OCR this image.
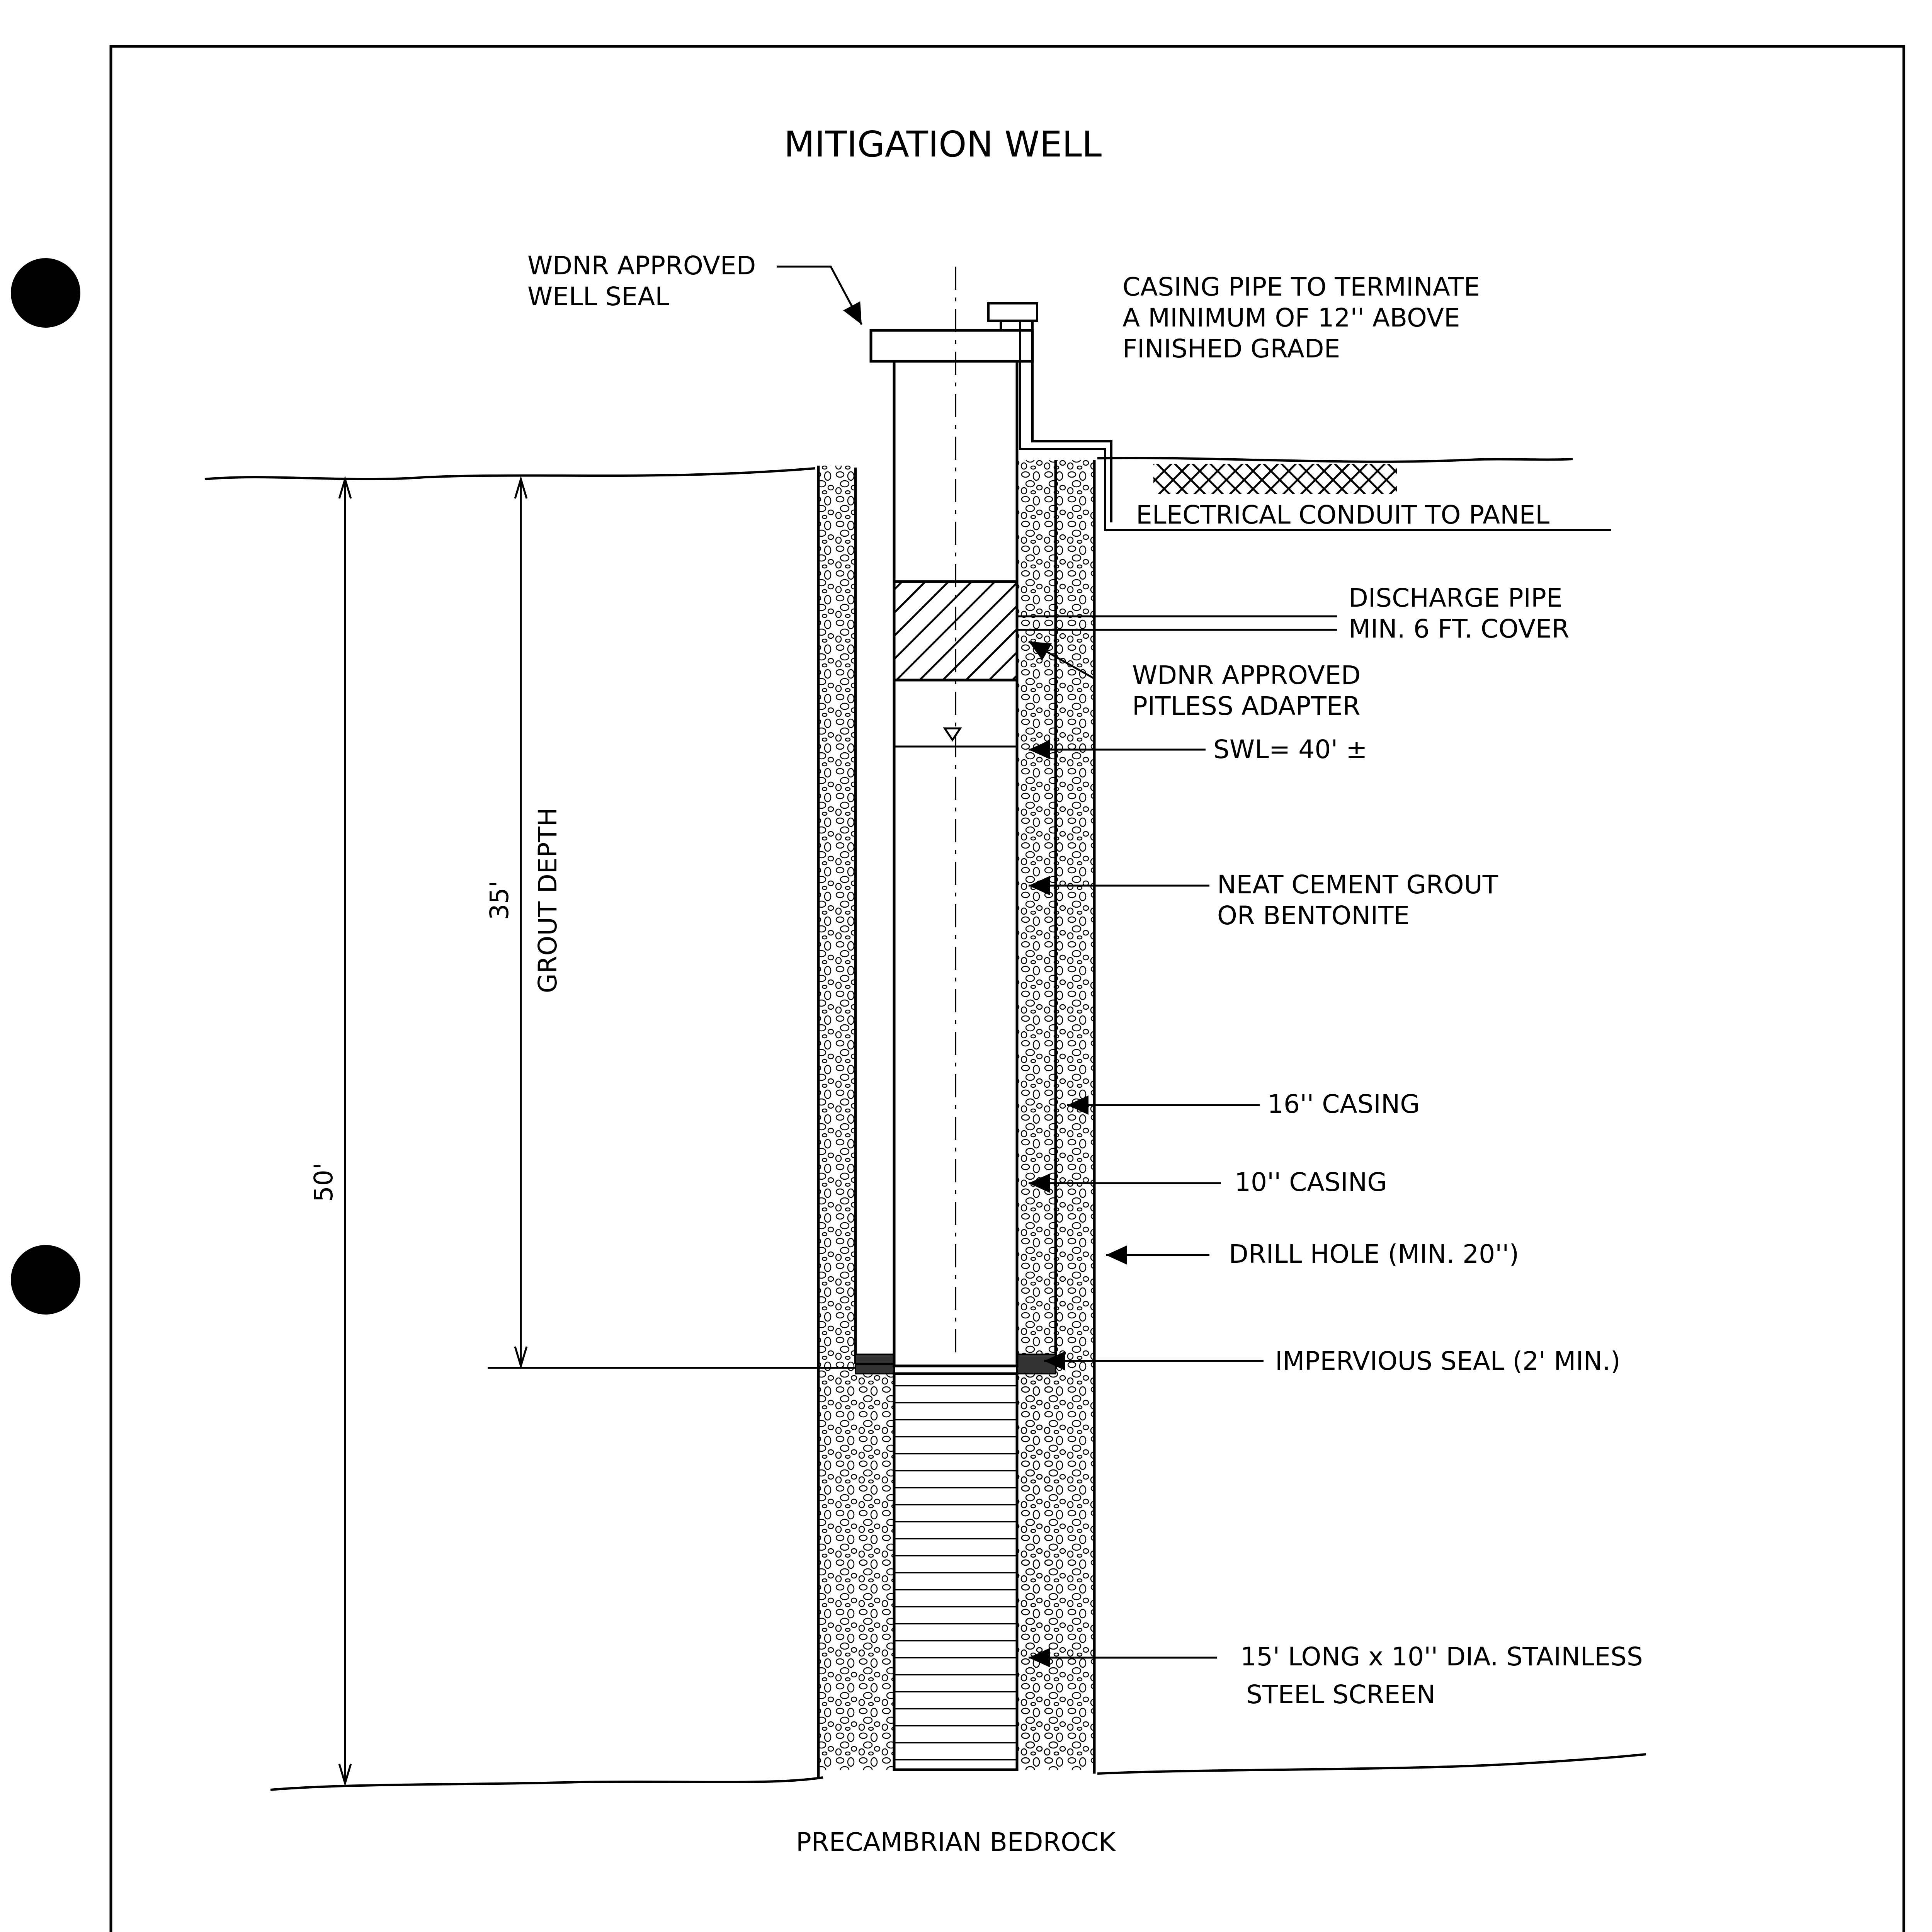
MITIGATION WELL
WDNR APPROVED
WELL SEAL	CASING PIPE TO TERMINATE
A MINIMUM OF 12'' ABOVE
FINISHED GRADE
ELECTRICAL CONDUIT TO PANEL
DISCHARGE PIPE
MIN. 6 FT. COVER
WDNR APPROVED
PITLESS ADAPTER
SWL= 40' ±
NEAT CEMENT GROUT
OR BENTONITE
16'' CASING
10'' CASING
DRILL HOLE (MIN. 20'')
IMPERVIOUS SEAL (2' MIN.)
15' LONG x 10'' DIA. STAINLESS
STEEL SCREEN
PRECAMBRIAN BEDROCK
35' GROUT DEPTH
50'
